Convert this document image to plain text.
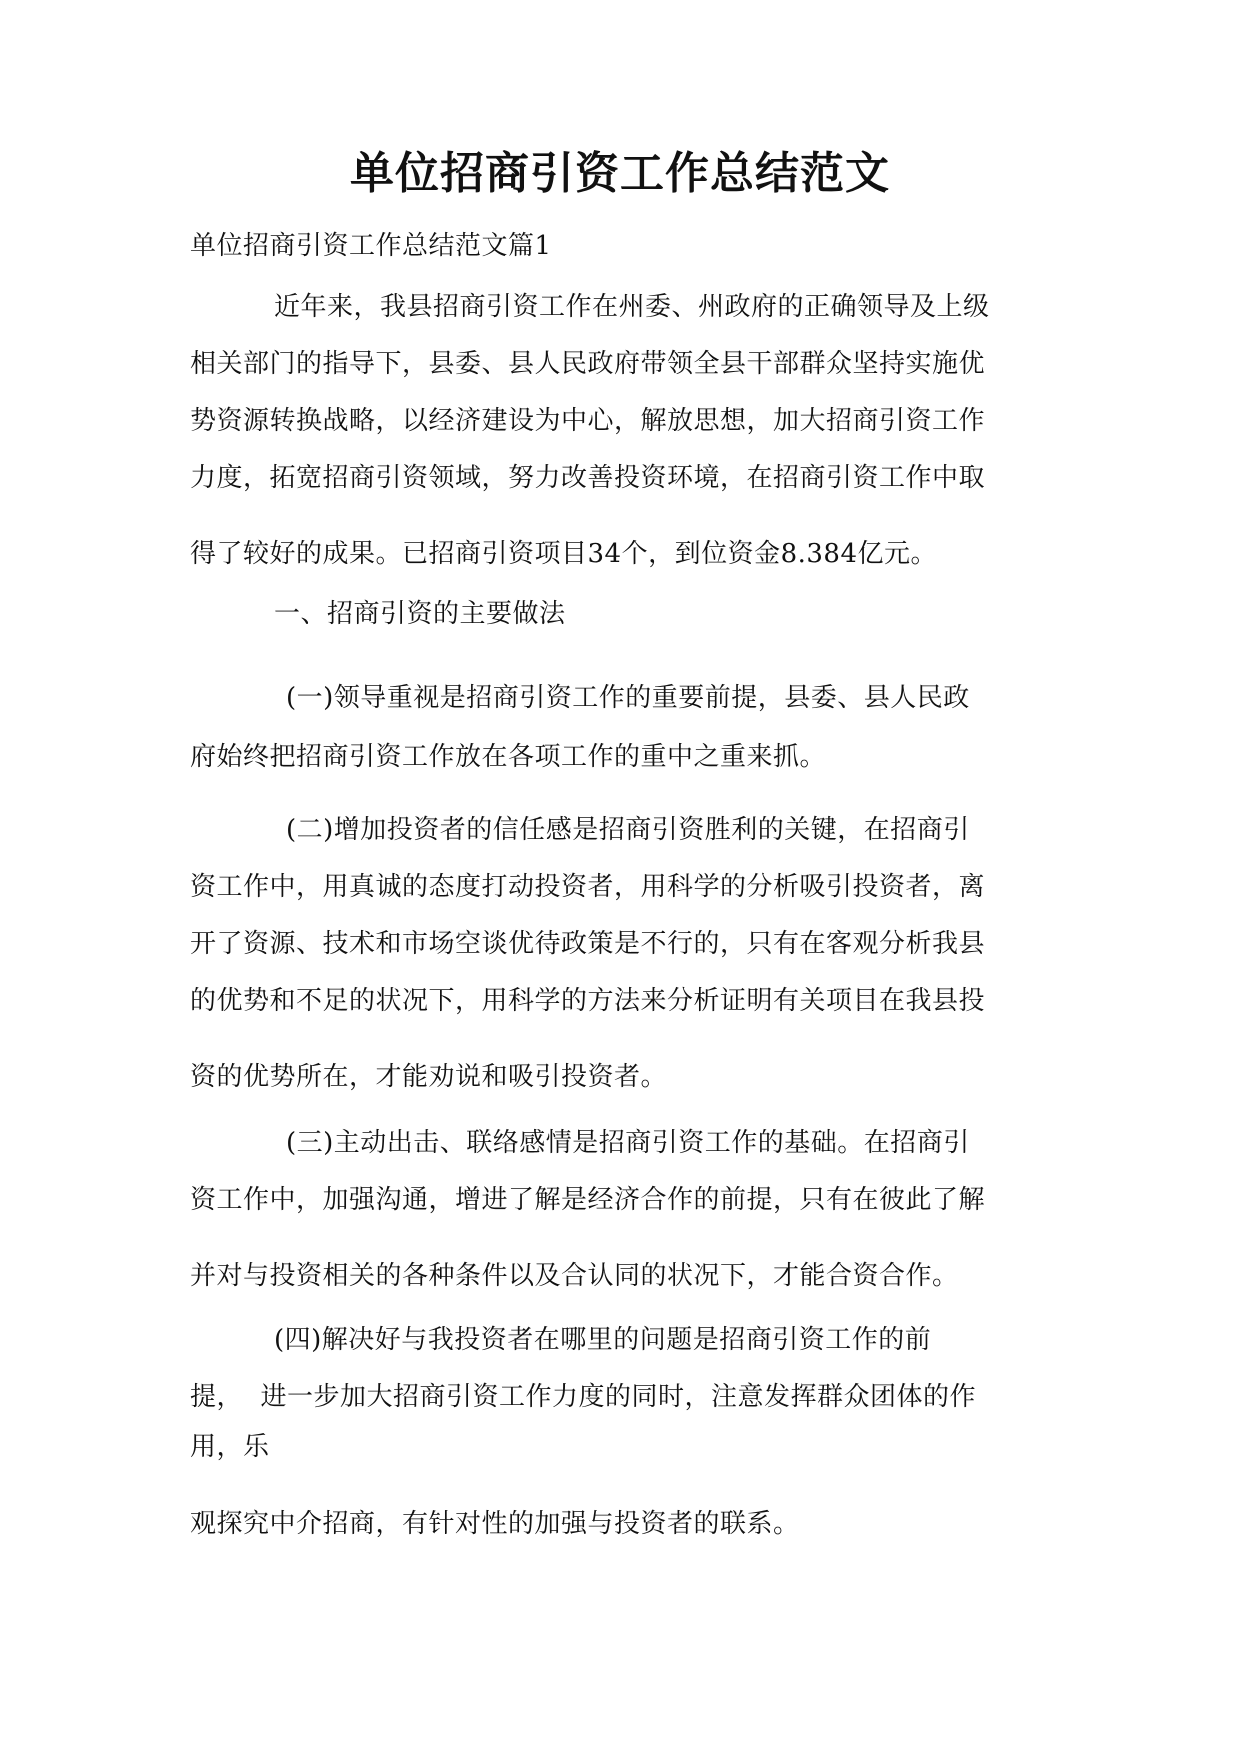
单位招商引资工作总结范文
单位招商引资工作总结范文篇1
近年来，我县招商引资工作在州委、州政府的正确领导及上级
相关部门的指导下，县委、县人民政府带领全县干部群众坚持实施优
势资源转换战略，以经济建设为中心，解放思想，加大招商引资工作
力度，拓宽招商引资领域，努力改善投资环境，在招商引资工作中取
得了较好的成果。已招商引资项目34个，到位资金8.384亿元。
一、招商引资的主要做法
(一)领导重视是招商引资工作的重要前提，县委、县人民政
府始终把招商引资工作放在各项工作的重中之重来抓。
(二)增加投资者的信任感是招商引资胜利的关键，在招商引
资工作中，用真诚的态度打动投资者，用科学的分析吸引投资者，离
开了资源、技术和市场空谈优待政策是不行的，只有在客观分析我县
的优势和不足的状况下，用科学的方法来分析证明有关项目在我县投
资的优势所在，才能劝说和吸引投资者。
(三)主动出击、联络感情是招商引资工作的基础。在招商引
资工作中，加强沟通，增进了解是经济合作的前提，只有在彼此了解
并对与投资相关的各种条件以及合认同的状况下，才能合资合作。
(四)解决好与我投资者在哪里的问题是招商引资工作的前
提，  进一步加大招商引资工作力度的同时，注意发挥群众团体的作
用，乐
观探究中介招商，有针对性的加强与投资者的联系。
